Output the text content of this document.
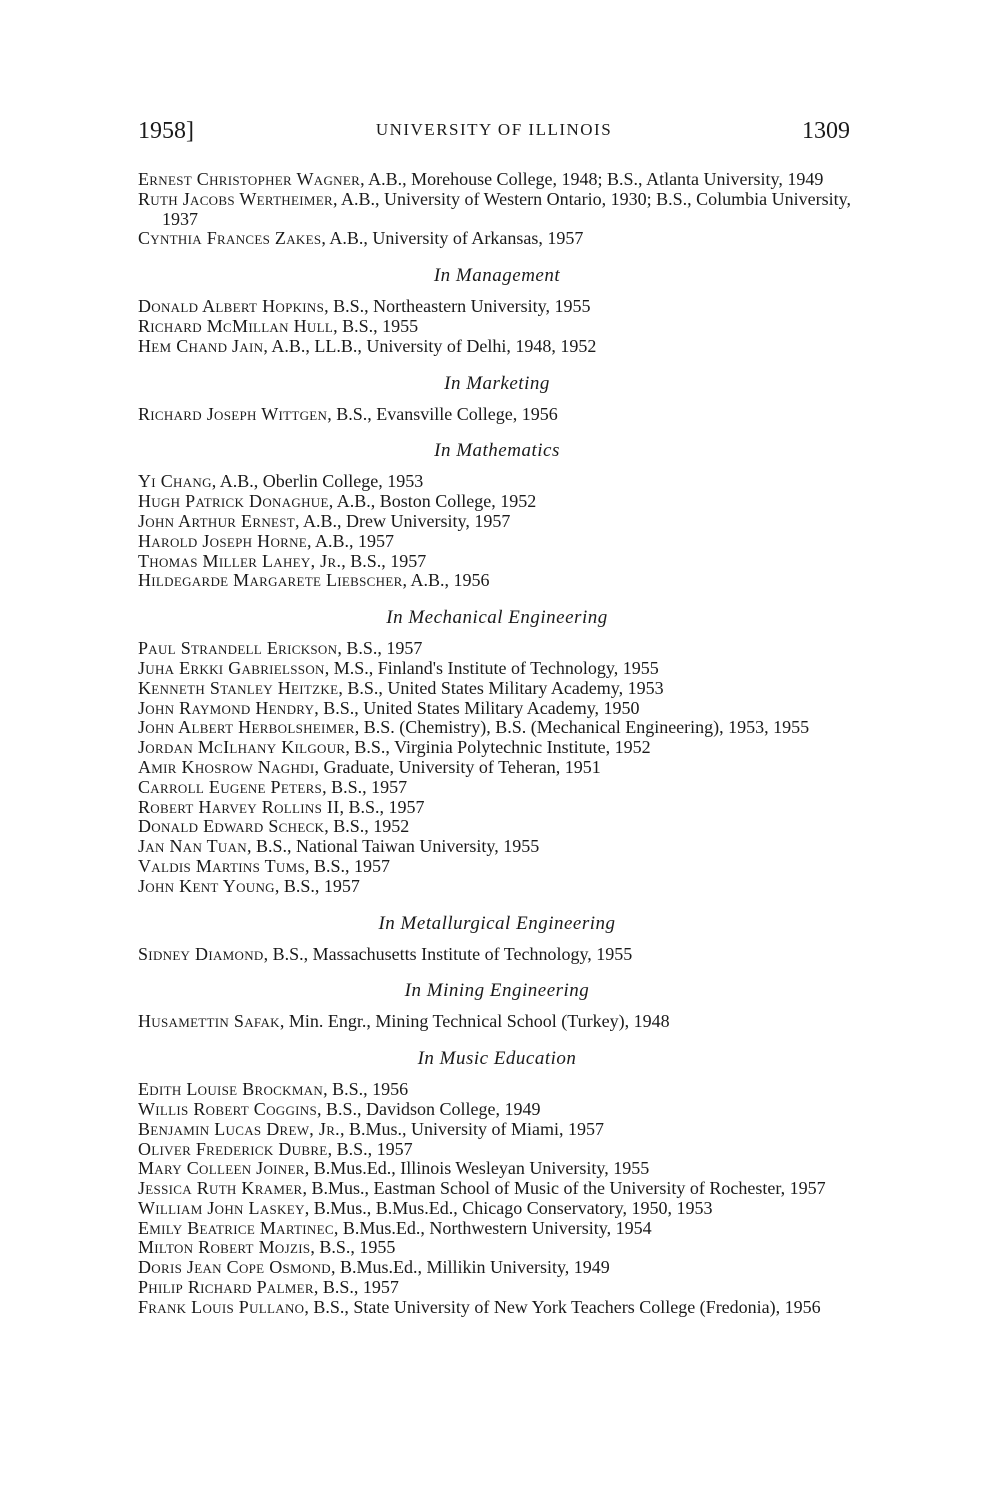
1958]	UNIVERSITY OF ILLINOIS	1309
Ernest Christopher Wagner, A.B., Morehouse College, 1948; B.S., Atlanta University, 1949
Ruth Jacobs Wertheimer, A.B., University of Western Ontario, 1930; B.S., Columbia University, 1937
Cynthia Frances Zakes, A.B., University of Arkansas, 1957
In Management
Donald Albert Hopkins, B.S., Northeastern University, 1955
Richard McMillan Hull, B.S., 1955
Hem Chand Jain, A.B., LL.B., University of Delhi, 1948, 1952
In Marketing
Richard Joseph Wittgen, B.S., Evansville College, 1956
In Mathematics
Yi Chang, A.B., Oberlin College, 1953
Hugh Patrick Donaghue, A.B., Boston College, 1952
John Arthur Ernest, A.B., Drew University, 1957
Harold Joseph Horne, A.B., 1957
Thomas Miller Lahey, Jr., B.S., 1957
Hildegarde Margarete Liebscher, A.B., 1956
In Mechanical Engineering
Paul Strandell Erickson, B.S., 1957
Juha Erkki Gabrielsson, M.S., Finland's Institute of Technology, 1955
Kenneth Stanley Heitzke, B.S., United States Military Academy, 1953
John Raymond Hendry, B.S., United States Military Academy, 1950
John Albert Herbolsheimer, B.S. (Chemistry), B.S. (Mechanical Engineering), 1953, 1955
Jordan McIlhany Kilgour, B.S., Virginia Polytechnic Institute, 1952
Amir Khosrow Naghdi, Graduate, University of Teheran, 1951
Carroll Eugene Peters, B.S., 1957
Robert Harvey Rollins II, B.S., 1957
Donald Edward Scheck, B.S., 1952
Jan Nan Tuan, B.S., National Taiwan University, 1955
Valdis Martins Tums, B.S., 1957
John Kent Young, B.S., 1957
In Metallurgical Engineering
Sidney Diamond, B.S., Massachusetts Institute of Technology, 1955
In Mining Engineering
Husamettin Safak, Min. Engr., Mining Technical School (Turkey), 1948
In Music Education
Edith Louise Brockman, B.S., 1956
Willis Robert Coggins, B.S., Davidson College, 1949
Benjamin Lucas Drew, Jr., B.Mus., University of Miami, 1957
Oliver Frederick Dubre, B.S., 1957
Mary Colleen Joiner, B.Mus.Ed., Illinois Wesleyan University, 1955
Jessica Ruth Kramer, B.Mus., Eastman School of Music of the University of Rochester, 1957
William John Laskey, B.Mus., B.Mus.Ed., Chicago Conservatory, 1950, 1953
Emily Beatrice Martinec, B.Mus.Ed., Northwestern University, 1954
Milton Robert Mojzis, B.S., 1955
Doris Jean Cope Osmond, B.Mus.Ed., Millikin University, 1949
Philip Richard Palmer, B.S., 1957
Frank Louis Pullano, B.S., State University of New York Teachers College (Fredonia), 1956
